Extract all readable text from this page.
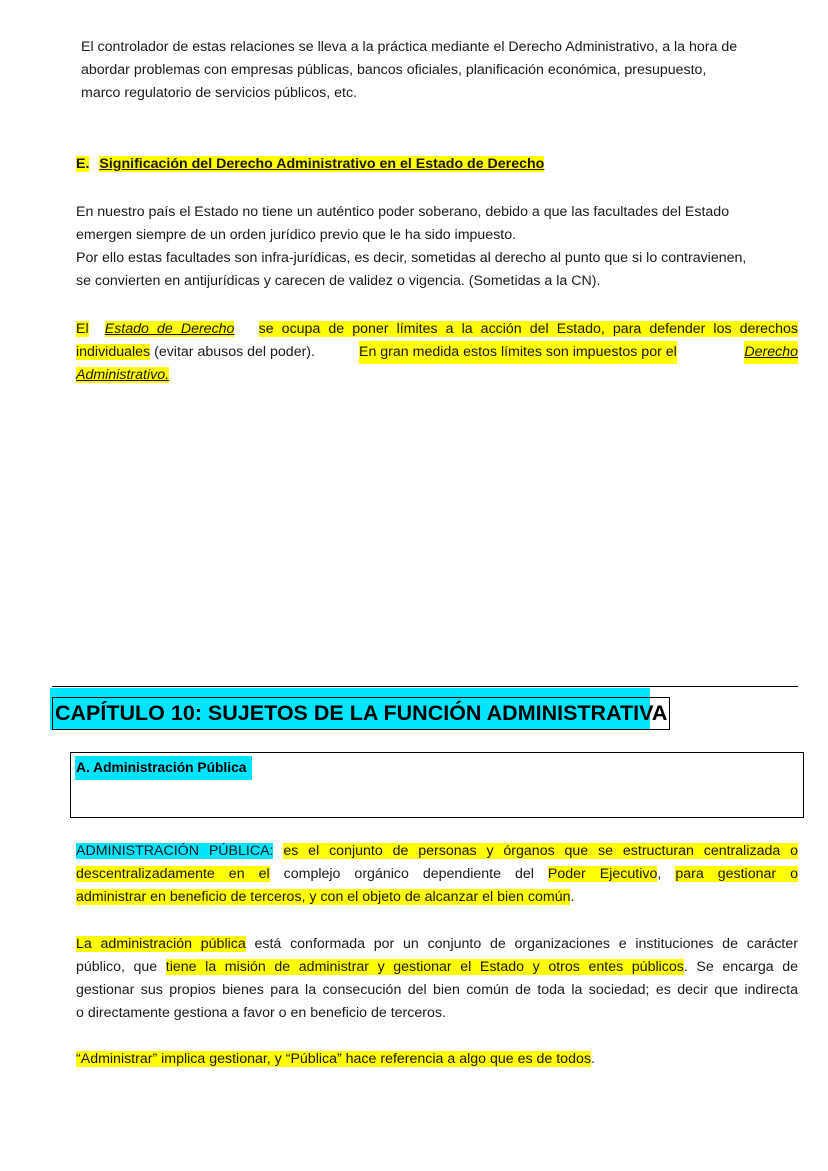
El controlador de estas relaciones se lleva a la práctica mediante el Derecho Administrativo, a la hora de
abordar problemas con empresas públicas, bancos oficiales, planificación económica, presupuesto,
marco regulatorio de servicios públicos, etc.
E. Significación del Derecho Administrativo en el Estado de Derecho
En nuestro país el Estado no tiene un auténtico poder soberano, debido a que las facultades del Estado
emergen siempre de un orden jurídico previo que le ha sido impuesto.
Por ello estas facultades son infra-jurídicas, es decir, sometidas al derecho al punto que si lo contravienen,
se convierten en antijurídicas y carecen de validez o vigencia. (Sometidas a la CN).
El Estado de Derecho se ocupa de poner límites a la acción del Estado, para defender los derechos
individuales (evitar abusos del poder).	En gran medida estos límites son impuestos por el	Derecho
Administrativo.
CAPÍTULO 10: SUJETOS DE LA FUNCIÓN ADMINISTRATIVA
A. Administración Pública
ADMINISTRACIÓN PÚBLICA: es el conjunto de personas y órganos que se estructuran centralizada o
descentralizadamente en el complejo orgánico dependiente del Poder Ejecutivo, para gestionar o
administrar en beneficio de terceros, y con el objeto de alcanzar el bien común.
La administración pública está conformada por un conjunto de organizaciones e instituciones de carácter
público, que tiene la misión de administrar y gestionar el Estado y otros entes públicos. Se encarga de
gestionar sus propios bienes para la consecución del bien común de toda la sociedad; es decir que indirecta
o directamente gestiona a favor o en beneficio de terceros.
“Administrar” implica gestionar, y “Pública” hace referencia a algo que es de todos.
